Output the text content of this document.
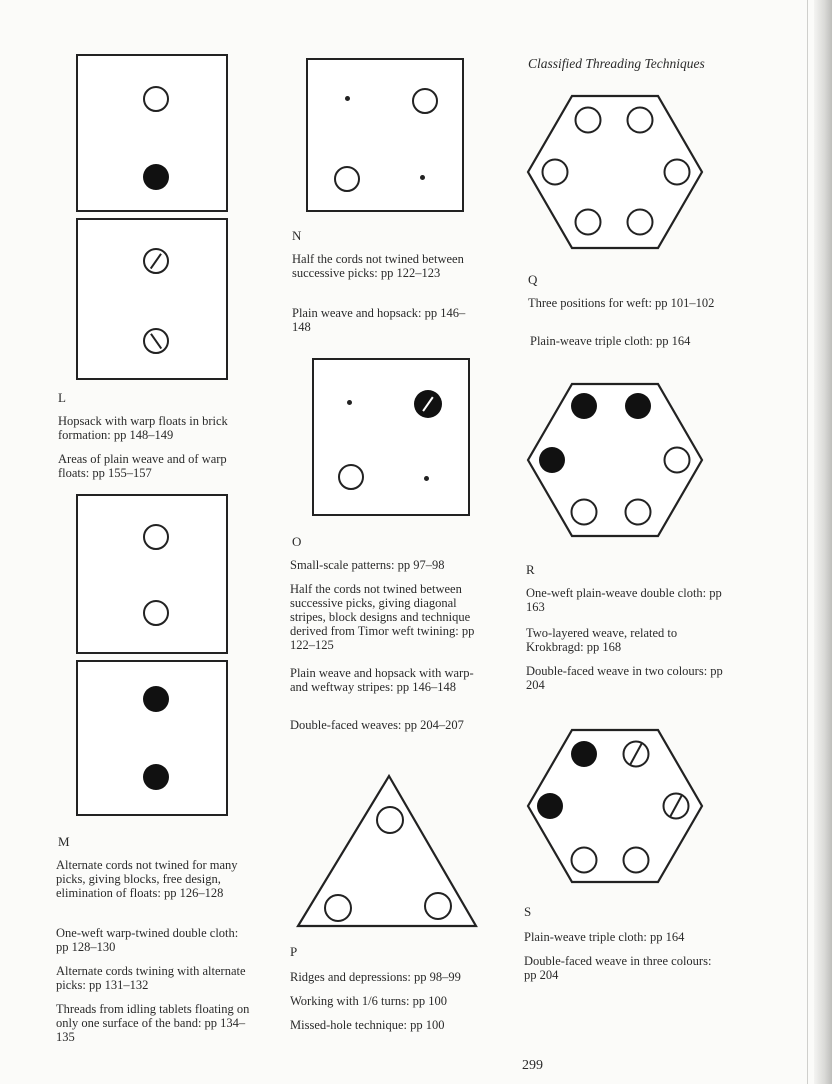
Classified Threading Techniques
L
Hopsack with warp floats in brick formation: pp 148–149
Areas of plain weave and of warp floats: pp 155–157
M
Alternate cords not twined for many picks, giving blocks, free design, elimination of floats: pp 126–128
One-weft warp-twined double cloth: pp 128–130
Alternate cords twining with alternate picks: pp 131–132
Threads from idling tablets floating on only one surface of the band: pp 134–135
N
Half the cords not twined between successive picks: pp 122–123
Plain weave and hopsack: pp 146–148
O
Small-scale patterns: pp 97–98
Half the cords not twined between successive picks, giving diagonal stripes, block designs and technique derived from Timor weft twining: pp 122–125
Plain weave and hopsack with warp- and weftway stripes: pp 146–148
Double-faced weaves: pp 204–207
P
Ridges and depressions: pp 98–99
Working with 1/6 turns: pp 100
Missed-hole technique: pp 100
Q
Three positions for weft: pp 101–102
Plain-weave triple cloth: pp 164
R
One-weft plain-weave double cloth: pp 163
Two-layered weave, related to Krokbragd: pp 168
Double-faced weave in two colours: pp 204
S
Plain-weave triple cloth: pp 164
Double-faced weave in three colours: pp 204
299
